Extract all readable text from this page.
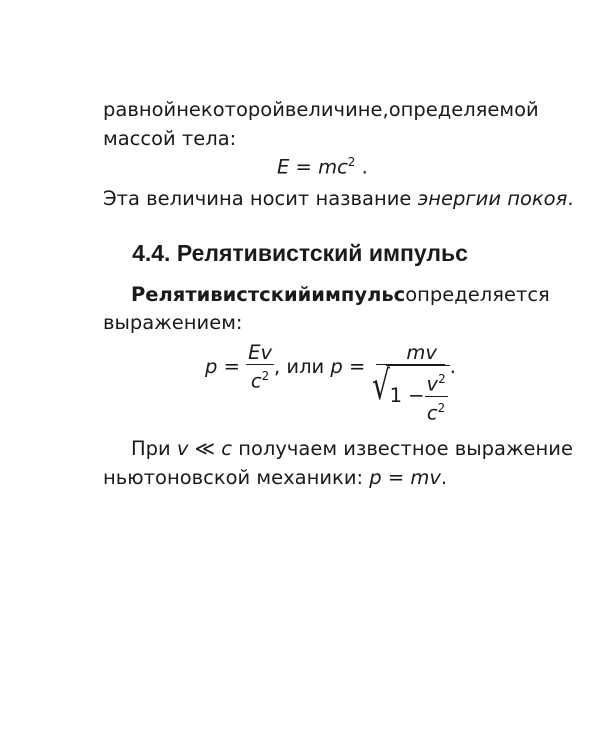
равной некоторой величине, определяемой
массой тела:
$E = mc^2$ .
Эта величина носит название энергии покоя.
4.4. Релятивистский импульс
Релятивистский импульс определяется
выражением:
$p = \frac{Ev}{c^2}$ , или $p = \frac{mv}{√ 1 - \frac{v^2}{c^2}}$ .
При v ≪ c получаем известное выражение
ньютоновской механики: p = mv.
